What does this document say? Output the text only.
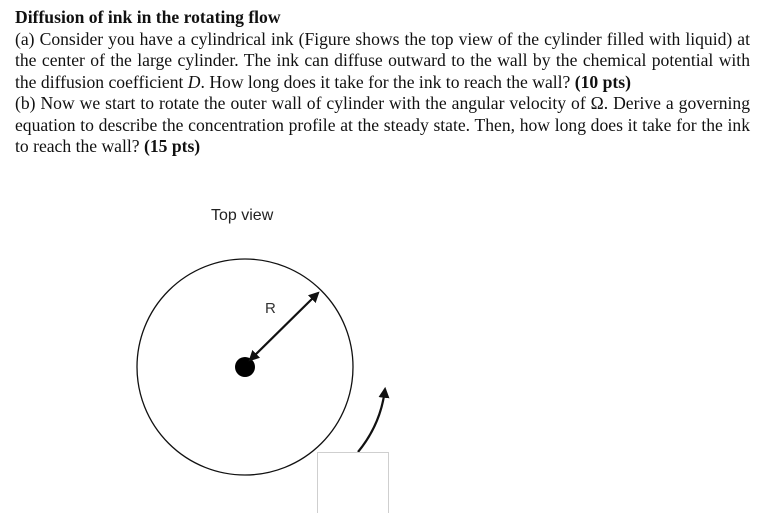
Diffusion of ink in the rotating flow

(a) Consider you have a cylindrical ink (Figure shows the top view of the cylinder filled with liquid) at the center of the large cylinder. The ink can diffuse outward to the wall by the chemical potential with the diffusion coefficient D. How long does it take for the ink to reach the wall? (10 pts)

(b) Now we start to rotate the outer wall of cylinder with the angular velocity of Ω. Derive a governing equation to describe the concentration profile at the steady state. Then, how long does it take for the ink to reach the wall? (15 pts)

Top view
R
